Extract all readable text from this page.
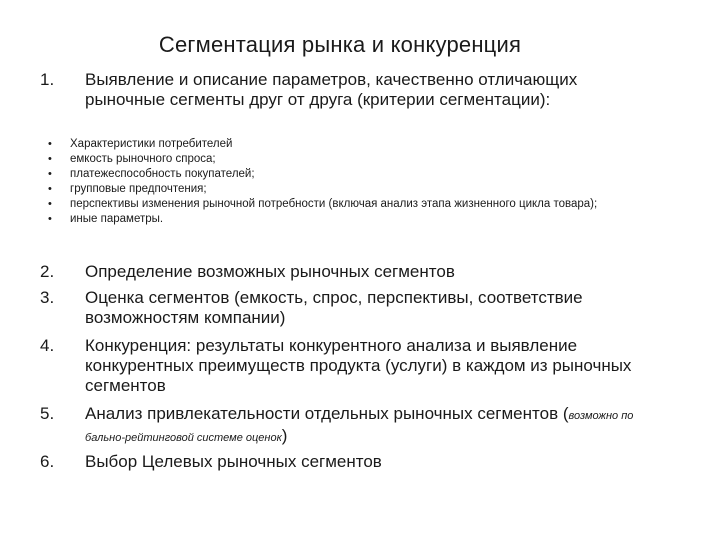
Сегментация рынка и конкуренция
1.	Выявление и описание параметров, качественно отличающих рыночные сегменты друг от друга (критерии сегментации):
•	Характеристики потребителей
•	емкость рыночного спроса;
•	платежеспособность покупателей;
•	групповые предпочтения;
•	перспективы изменения рыночной потребности (включая анализ этапа жизненного цикла товара);
•	иные параметры.
2.	Определение возможных рыночных сегментов
3.	Оценка сегментов (емкость, спрос, перспективы, соответствие возможностям компании)
4.	Конкуренция: результаты конкурентного анализа и выявление конкурентных преимуществ продукта (услуги) в каждом из рыночных сегментов
5.	Анализ привлекательности отдельных рыночных сегментов (возможно по бально-рейтинговой системе оценок)
6.	Выбор Целевых рыночных сегментов
